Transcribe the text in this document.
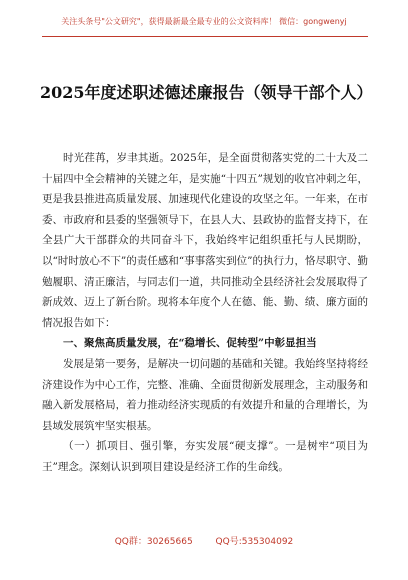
关注头条号"公文研究"，获得最新最全最专业的公文资料库！ 微信：gongwenyj
2025年度述职述德述廉报告（领导干部个人）

时光荏苒，岁聿其逝。2025年，是全面贯彻落实党的二十大及二十届四中全会精神的关键之年，是实施“十四五”规划的收官冲刺之年，更是我县推进高质量发展、加速现代化建设的攻坚之年。一年来，在市委、市政府和县委的坚强领导下，在县人大、县政协的监督支持下，在全县广大干部群众的共同奋斗下，我始终牢记组织重托与人民期盼，以“时时放心不下”的责任感和“事事落实到位”的执行力，恪尽职守、勤勉履职、清正廉洁，与同志们一道，共同推动全县经济社会发展取得了新成效、迈上了新台阶。现将本年度个人在德、能、勤、绩、廉方面的情况报告如下：

一、聚焦高质量发展，在“稳增长、促转型”中彰显担当

发展是第一要务，是解决一切问题的基础和关键。我始终坚持将经济建设作为中心工作，完整、准确、全面贯彻新发展理念，主动服务和融入新发展格局，着力推动经济实现质的有效提升和量的合理增长，为县域发展筑牢坚实根基。

（一）抓项目、强引擎，夯实发展“硬支撑”。一是树牢“项目为王”理念。深刻认识到项目建设是经济工作的生命线。

QQ群：30265665	QQ号:535304092
